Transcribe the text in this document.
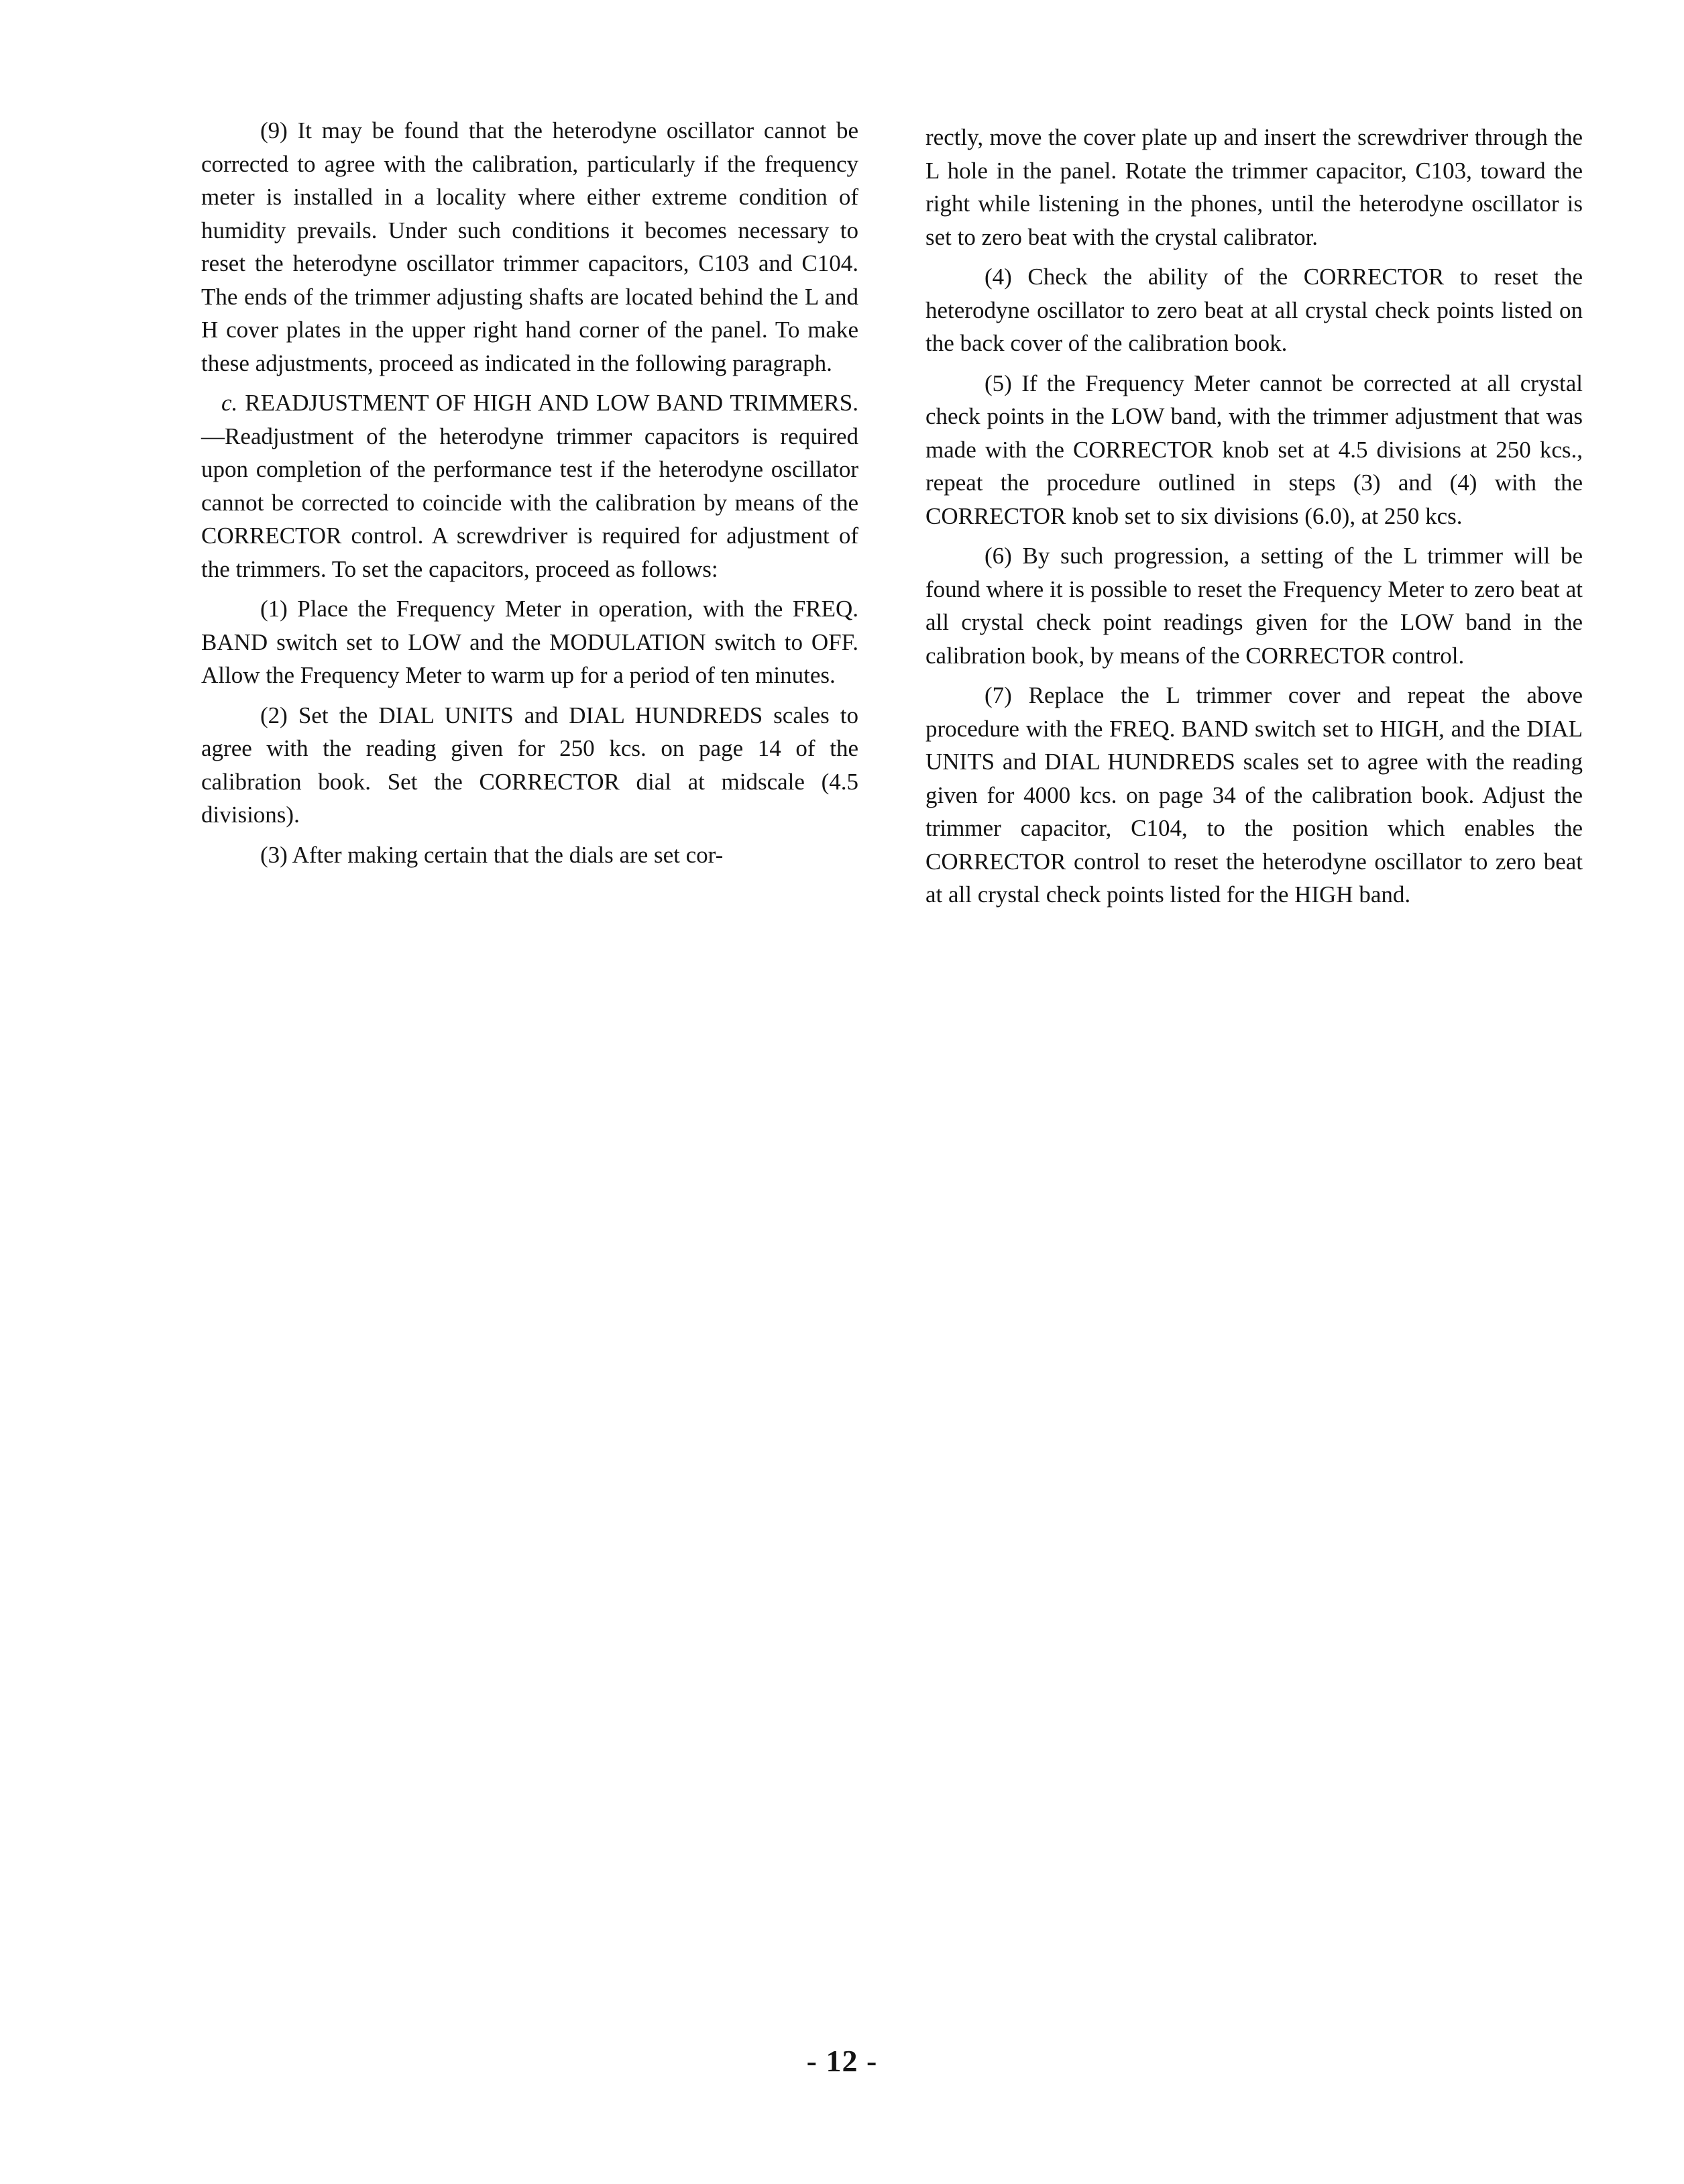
(9) It may be found that the heterodyne oscillator cannot be corrected to agree with the calibration, particularly if the frequency meter is installed in a locality where either extreme condition of humidity prevails. Under such conditions it becomes necessary to reset the heterodyne oscillator trimmer capacitors, C103 and C104. The ends of the trimmer adjusting shafts are located behind the L and H cover plates in the upper right hand corner of the panel. To make these adjustments, proceed as indicated in the following paragraph.

c. READJUSTMENT OF HIGH AND LOW BAND TRIMMERS.—Readjustment of the heterodyne trimmer capacitors is required upon completion of the performance test if the heterodyne oscillator cannot be corrected to coincide with the calibration by means of the CORRECTOR control. A screwdriver is required for adjustment of the trimmers. To set the capacitors, proceed as follows:

(1) Place the Frequency Meter in operation, with the FREQ. BAND switch set to LOW and the MODULATION switch to OFF. Allow the Frequency Meter to warm up for a period of ten minutes.

(2) Set the DIAL UNITS and DIAL HUNDREDS scales to agree with the reading given for 250 kcs. on page 14 of the calibration book. Set the CORRECTOR dial at midscale (4.5 divisions).

(3) After making certain that the dials are set cor-

rectly, move the cover plate up and insert the screwdriver through the L hole in the panel. Rotate the trimmer capacitor, C103, toward the right while listening in the phones, until the heterodyne oscillator is set to zero beat with the crystal calibrator.

(4) Check the ability of the CORRECTOR to reset the heterodyne oscillator to zero beat at all crystal check points listed on the back cover of the calibration book.

(5) If the Frequency Meter cannot be corrected at all crystal check points in the LOW band, with the trimmer adjustment that was made with the CORRECTOR knob set at 4.5 divisions at 250 kcs., repeat the procedure outlined in steps (3) and (4) with the CORRECTOR knob set to six divisions (6.0), at 250 kcs.

(6) By such progression, a setting of the L trimmer will be found where it is possible to reset the Frequency Meter to zero beat at all crystal check point readings given for the LOW band in the calibration book, by means of the CORRECTOR control.

(7) Replace the L trimmer cover and repeat the above procedure with the FREQ. BAND switch set to HIGH, and the DIAL UNITS and DIAL HUNDREDS scales set to agree with the reading given for 4000 kcs. on page 34 of the calibration book. Adjust the trimmer capacitor, C104, to the position which enables the CORRECTOR control to reset the heterodyne oscillator to zero beat at all crystal check points listed for the HIGH band.

- 12 -
